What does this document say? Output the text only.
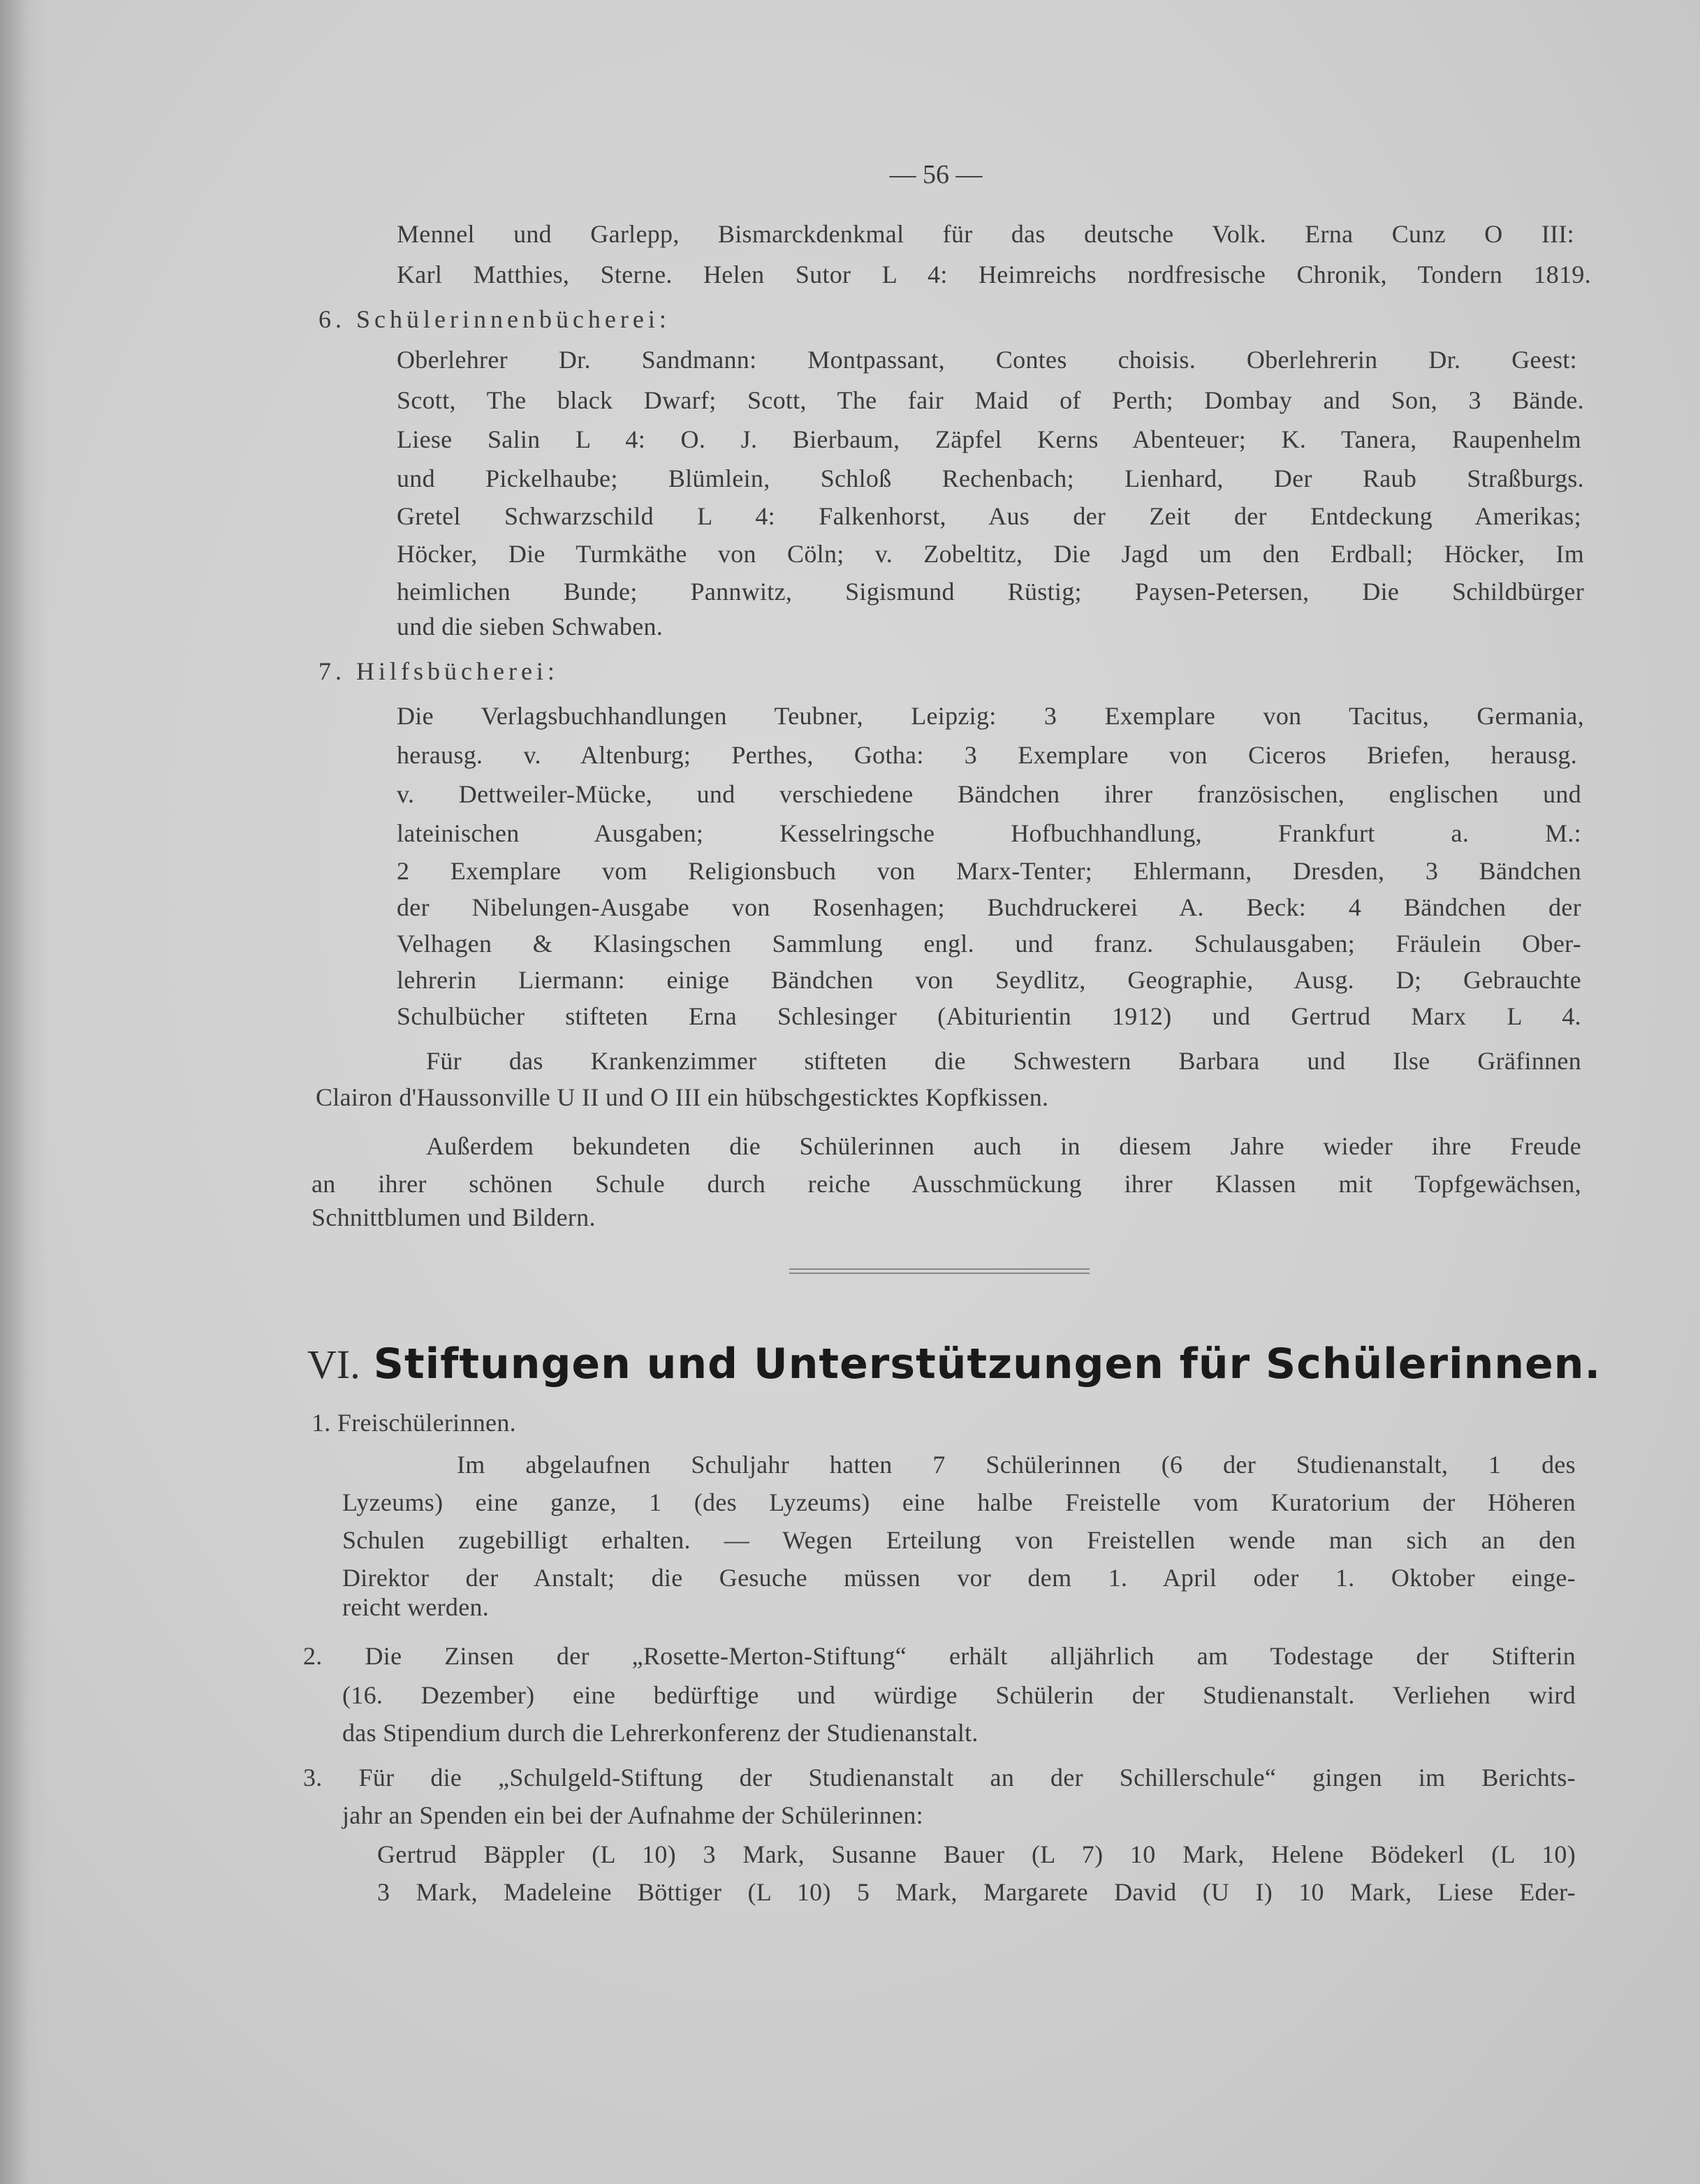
— 56 —
Mennel und Garlepp, Bismarckdenkmal für das deutsche Volk. Erna Cunz O III:
Karl Matthies, Sterne. Helen Sutor L 4: Heimreichs nordfresische Chronik, Tondern 1819.
6. Schülerinnenbücherei:
Oberlehrer Dr. Sandmann: Montpassant, Contes choisis. Oberlehrerin Dr. Geest:
Scott, The black Dwarf; Scott, The fair Maid of Perth; Dombay and Son, 3 Bände.
Liese Salin L 4: O. J. Bierbaum, Zäpfel Kerns Abenteuer; K. Tanera, Raupenhelm
und Pickelhaube; Blümlein, Schloß Rechenbach; Lienhard, Der Raub Straßburgs.
Gretel Schwarzschild L 4: Falkenhorst, Aus der Zeit der Entdeckung Amerikas;
Höcker, Die Turmkäthe von Cöln; v. Zobeltitz, Die Jagd um den Erdball; Höcker, Im
heimlichen Bunde; Pannwitz, Sigismund Rüstig; Paysen-Petersen, Die Schildbürger
und die sieben Schwaben.
7. Hilfsbücherei:
Die Verlagsbuchhandlungen Teubner, Leipzig: 3 Exemplare von Tacitus, Germania,
herausg. v. Altenburg; Perthes, Gotha: 3 Exemplare von Ciceros Briefen, herausg.
v. Dettweiler-Mücke, und verschiedene Bändchen ihrer französischen, englischen und
lateinischen Ausgaben; Kesselringsche Hofbuchhandlung, Frankfurt a. M.:
2 Exemplare vom Religionsbuch von Marx-Tenter; Ehlermann, Dresden, 3 Bändchen
der Nibelungen-Ausgabe von Rosenhagen; Buchdruckerei A. Beck: 4 Bändchen der
Velhagen & Klasingschen Sammlung engl. und franz. Schulausgaben; Fräulein Ober-
lehrerin Liermann: einige Bändchen von Seydlitz, Geographie, Ausg. D; Gebrauchte
Schulbücher stifteten Erna Schlesinger (Abiturientin 1912) und Gertrud Marx L 4.
Für das Krankenzimmer stifteten die Schwestern Barbara und Ilse Gräfinnen
Clairon d'Haussonville U II und O III ein hübschgesticktes Kopfkissen.
Außerdem bekundeten die Schülerinnen auch in diesem Jahre wieder ihre Freude
an ihrer schönen Schule durch reiche Ausschmückung ihrer Klassen mit Topfgewächsen,
Schnittblumen und Bildern.
VI. Stiftungen und Unterstützungen für Schülerinnen.
1. Freischülerinnen.
Im abgelaufnen Schuljahr hatten 7 Schülerinnen (6 der Studienanstalt, 1 des
Lyzeums) eine ganze, 1 (des Lyzeums) eine halbe Freistelle vom Kuratorium der Höheren
Schulen zugebilligt erhalten. — Wegen Erteilung von Freistellen wende man sich an den
Direktor der Anstalt; die Gesuche müssen vor dem 1. April oder 1. Oktober einge-
reicht werden.
2. Die Zinsen der „Rosette-Merton-Stiftung“ erhält alljährlich am Todestage der Stifterin
(16. Dezember) eine bedürftige und würdige Schülerin der Studienanstalt. Verliehen wird
das Stipendium durch die Lehrerkonferenz der Studienanstalt.
3. Für die „Schulgeld-Stiftung der Studienanstalt an der Schillerschule“ gingen im Berichts-
jahr an Spenden ein bei der Aufnahme der Schülerinnen:
Gertrud Bäppler (L 10) 3 Mark, Susanne Bauer (L 7) 10 Mark, Helene Bödekerl (L 10)
3 Mark, Madeleine Böttiger (L 10) 5 Mark, Margarete David (U I) 10 Mark, Liese Eder-
